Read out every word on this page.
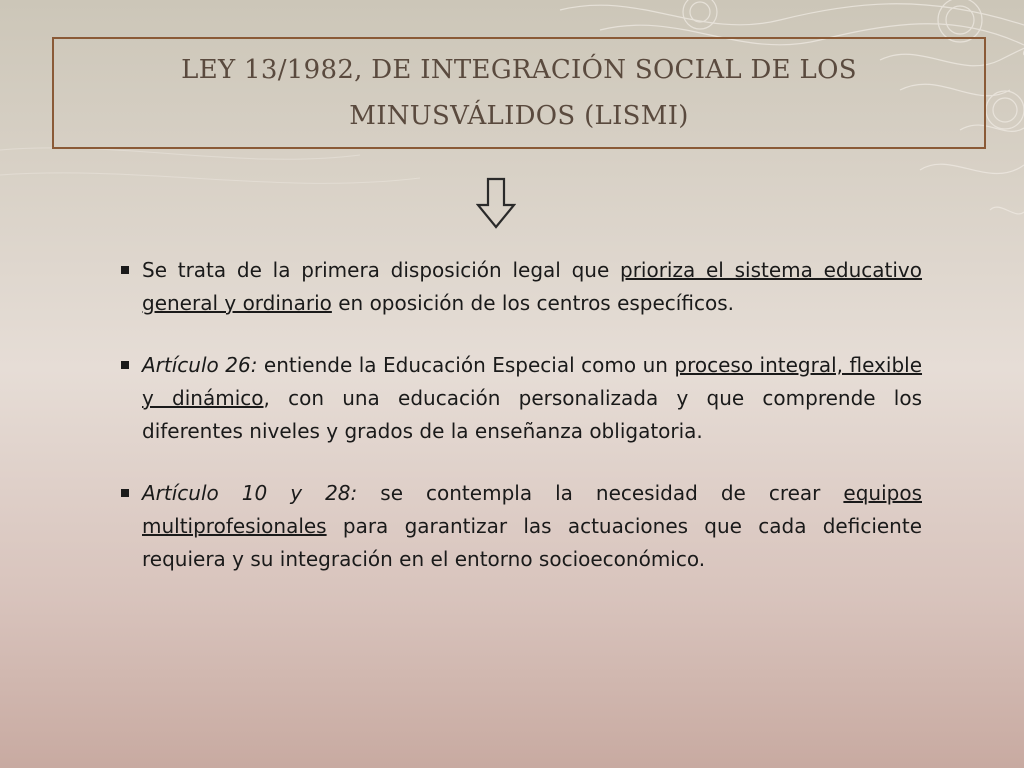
LEY 13/1982, DE INTEGRACIÓN SOCIAL DE LOS
MINUSVÁLIDOS (LISMI)
Se trata de la primera disposición legal que prioriza el sistema educativo general y ordinario en oposición de los centros específicos.
Artículo 26: entiende la Educación Especial como un proceso integral, flexible y dinámico, con una educación personalizada y que comprende los diferentes niveles y grados de la enseñanza obligatoria.
Artículo 10 y 28: se contempla la necesidad de crear equipos multiprofesionales para garantizar las actuaciones que cada deficiente requiera y su integración en el entorno socioeconómico.
